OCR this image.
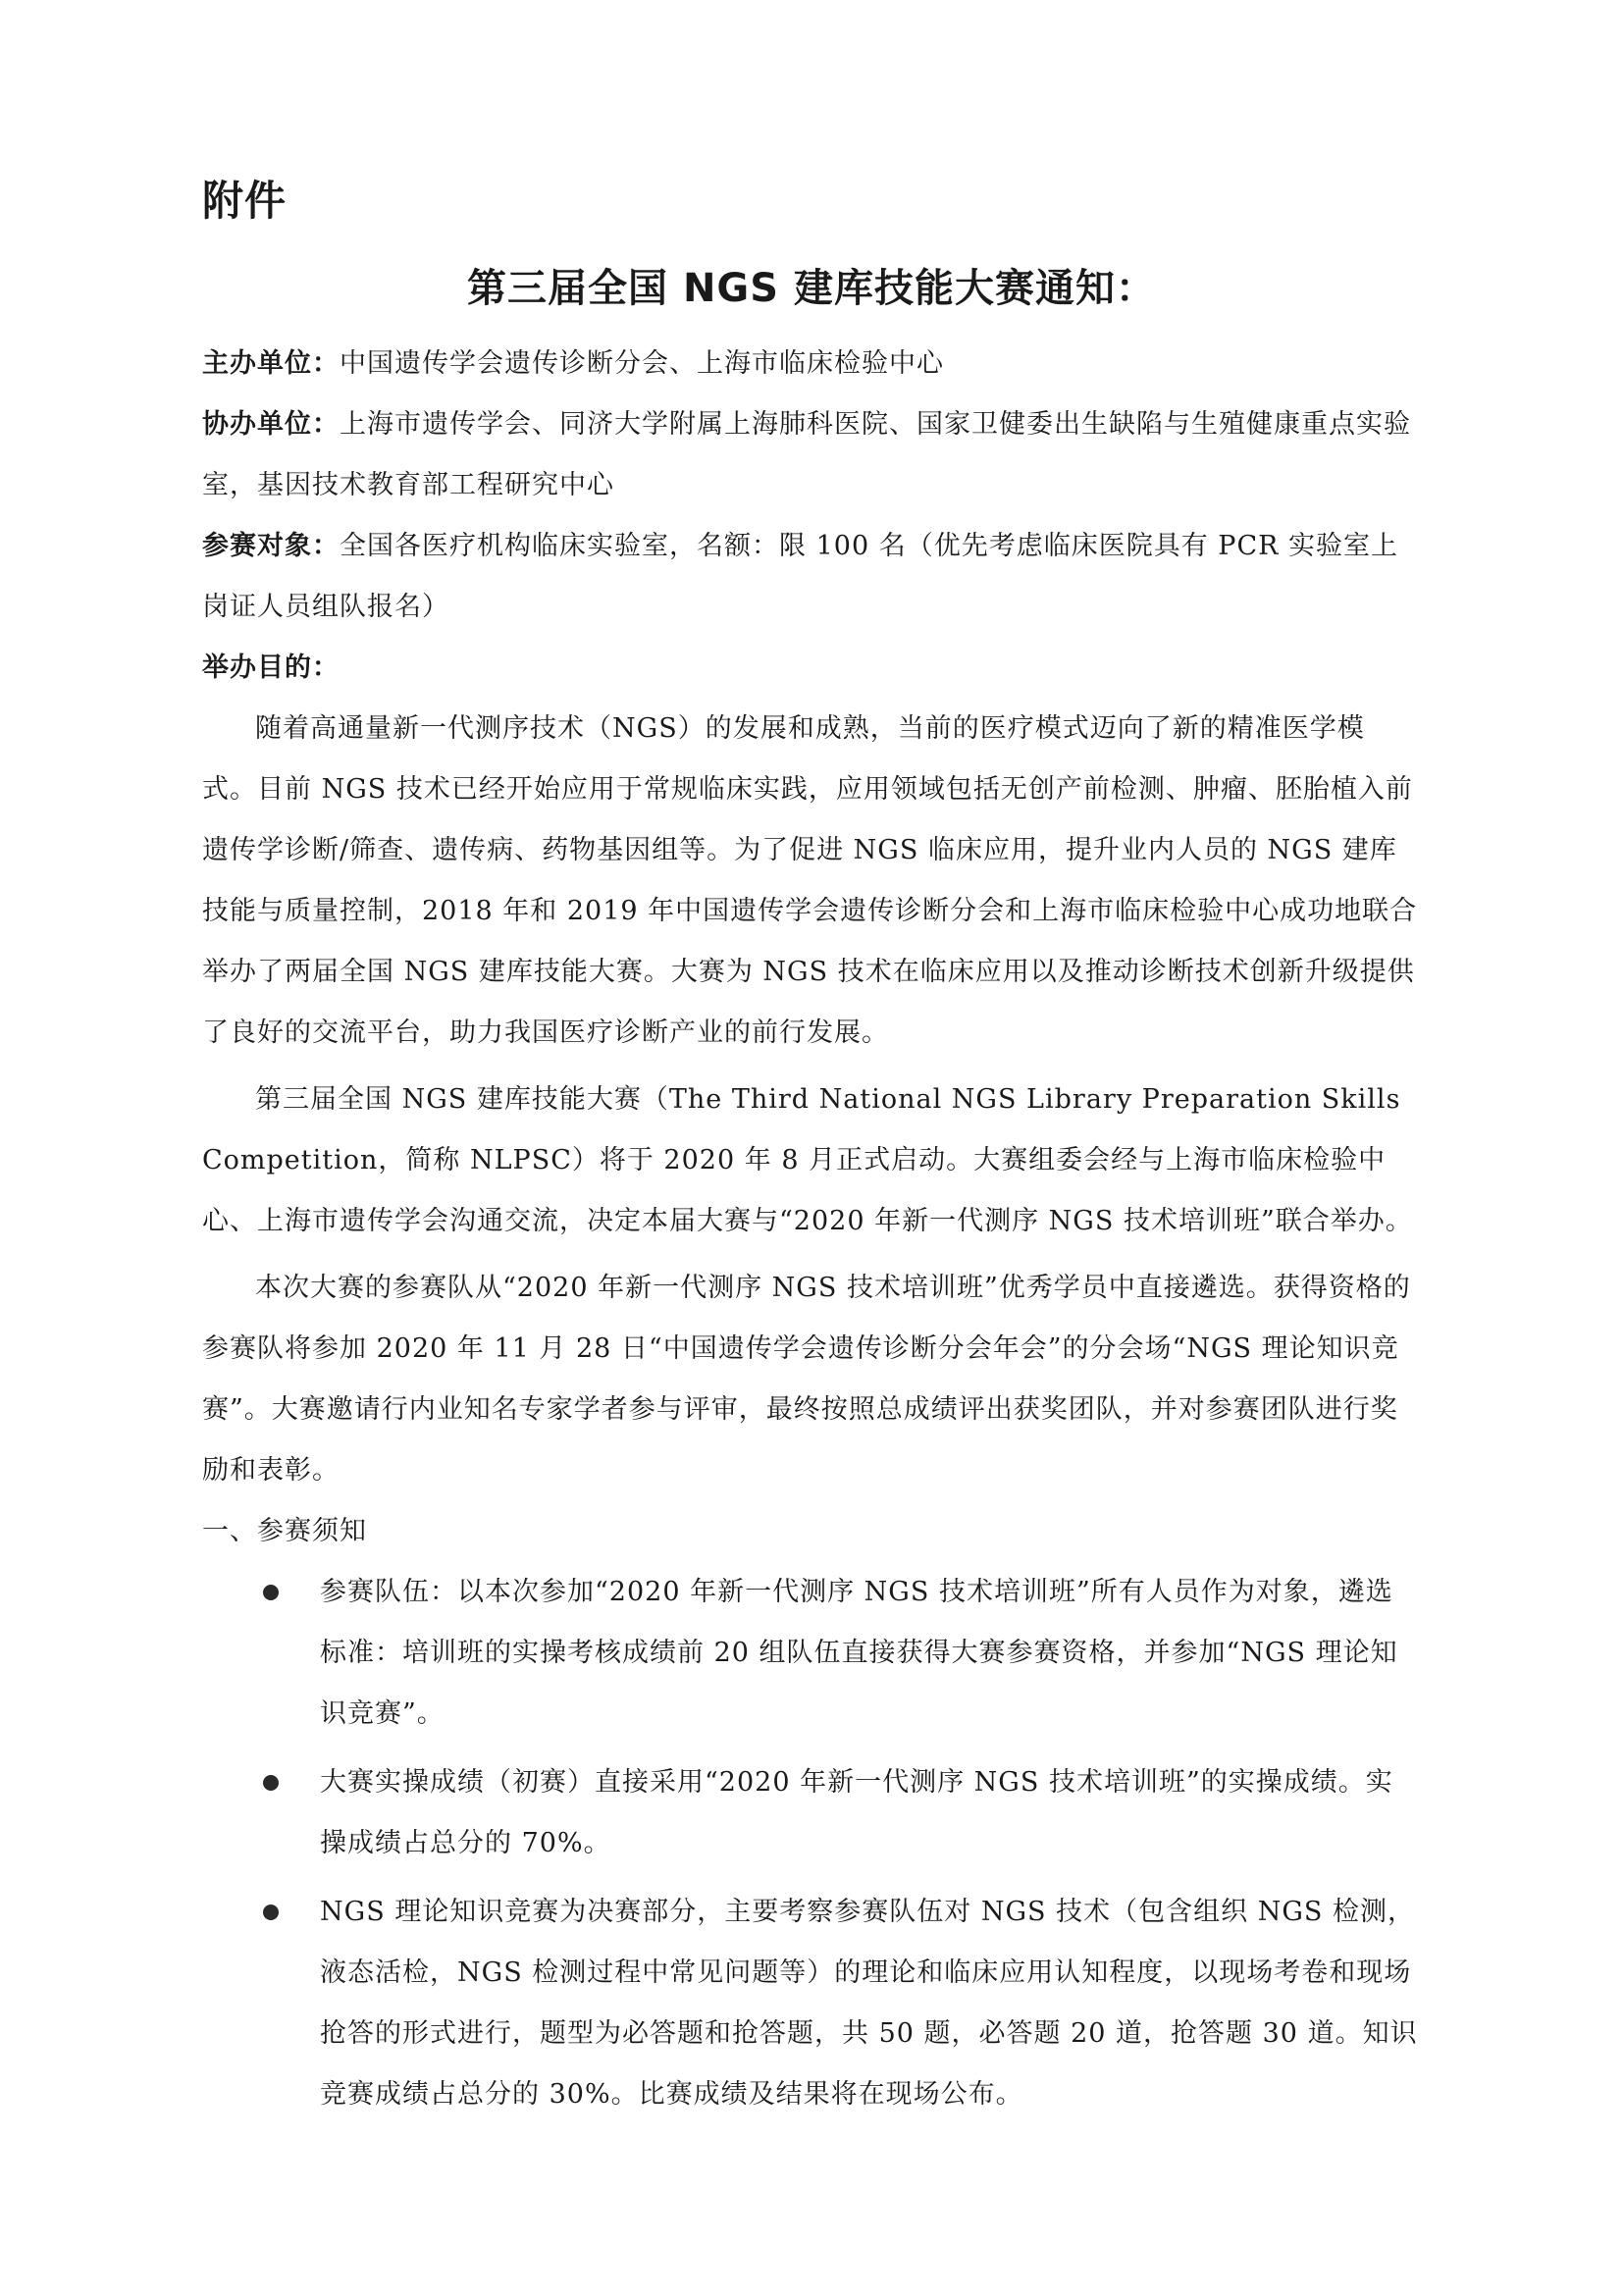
附件
第三届全国 NGS 建库技能大赛通知：

主办单位：中国遗传学会遗传诊断分会、上海市临床检验中心

协办单位：上海市遗传学会、同济大学附属上海肺科医院、国家卫健委出生缺陷与生殖健康重点实验室，基因技术教育部工程研究中心

参赛对象：全国各医疗机构临床实验室，名额：限 100 名（优先考虑临床医院具有 PCR 实验室上岗证人员组队报名）

举办目的：

随着高通量新一代测序技术（NGS）的发展和成熟，当前的医疗模式迈向了新的精准医学模式。目前 NGS 技术已经开始应用于常规临床实践，应用领域包括无创产前检测、肿瘤、胚胎植入前遗传学诊断/筛查、遗传病、药物基因组等。为了促进 NGS 临床应用，提升业内人员的 NGS 建库技能与质量控制，2018 年和 2019 年中国遗传学会遗传诊断分会和上海市临床检验中心成功地联合举办了两届全国 NGS 建库技能大赛。大赛为 NGS 技术在临床应用以及推动诊断技术创新升级提供了良好的交流平台，助力我国医疗诊断产业的前行发展。

第三届全国 NGS 建库技能大赛（The Third National NGS Library Preparation Skills Competition，简称 NLPSC）将于 2020 年 8 月正式启动。大赛组委会经与上海市临床检验中心、上海市遗传学会沟通交流，决定本届大赛与“2020 年新一代测序 NGS 技术培训班”联合举办。

本次大赛的参赛队从“2020 年新一代测序 NGS 技术培训班”优秀学员中直接遴选。获得资格的参赛队将参加 2020 年 11 月 28 日“中国遗传学会遗传诊断分会年会”的分会场“NGS 理论知识竞赛”。大赛邀请行内业知名专家学者参与评审，最终按照总成绩评出获奖团队，并对参赛团队进行奖励和表彰。

一、参赛须知

参赛队伍：以本次参加“2020 年新一代测序 NGS 技术培训班”所有人员作为对象，遴选标准：培训班的实操考核成绩前 20 组队伍直接获得大赛参赛资格，并参加“NGS 理论知识竞赛”。
大赛实操成绩（初赛）直接采用“2020 年新一代测序 NGS 技术培训班”的实操成绩。实操成绩占总分的 70%。
NGS 理论知识竞赛为决赛部分，主要考察参赛队伍对 NGS 技术（包含组织 NGS 检测，液态活检，NGS 检测过程中常见问题等）的理论和临床应用认知程度，以现场考卷和现场抢答的形式进行，题型为必答题和抢答题，共 50 题，必答题 20 道，抢答题 30 道。知识竞赛成绩占总分的 30%。比赛成绩及结果将在现场公布。
